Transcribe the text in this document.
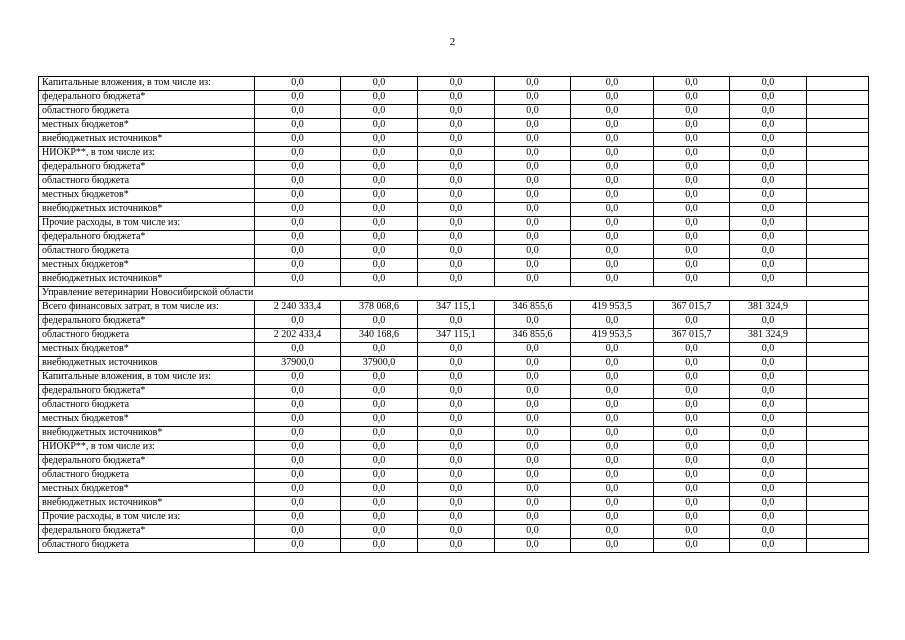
2
Капитальные вложения, в том числе из:	0,0	0,0	0,0	0,0	0,0	0,0	0,0	
федерального бюджета*	0,0	0,0	0,0	0,0	0,0	0,0	0,0	
областного бюджета	0,0	0,0	0,0	0,0	0,0	0,0	0,0	
местных бюджетов*	0,0	0,0	0,0	0,0	0,0	0,0	0,0	
внебюджетных источников*	0,0	0,0	0,0	0,0	0,0	0,0	0,0	
НИОКР**, в том числе из:	0,0	0,0	0,0	0,0	0,0	0,0	0,0	
федерального бюджета*	0,0	0,0	0,0	0,0	0,0	0,0	0,0	
областного бюджета	0,0	0,0	0,0	0,0	0,0	0,0	0,0	
местных бюджетов*	0,0	0,0	0,0	0,0	0,0	0,0	0,0	
внебюджетных источников*	0,0	0,0	0,0	0,0	0,0	0,0	0,0	
Прочие расходы, в том числе из:	0,0	0,0	0,0	0,0	0,0	0,0	0,0	
федерального бюджета*	0,0	0,0	0,0	0,0	0,0	0,0	0,0	
областного бюджета	0,0	0,0	0,0	0,0	0,0	0,0	0,0	
местных бюджетов*	0,0	0,0	0,0	0,0	0,0	0,0	0,0	
внебюджетных источников*	0,0	0,0	0,0	0,0	0,0	0,0	0,0	
Управление ветеринарии Новосибирской области								
Всего финансовых затрат, в том числе из:	2 240 333,4	378 068,6	347 115,1	346 855,6	419 953,5	367 015,7	381 324,9	
федерального бюджета*	0,0	0,0	0,0	0,0	0,0	0,0	0,0	
областного бюджета	2 202 433,4	340 168,6	347 115,1	346 855,6	419 953,5	367 015,7	381 324,9	
местных бюджетов*	0,0	0,0	0,0	0,0	0,0	0,0	0,0	
внебюджетных источников	37900,0	37900,0	0,0	0,0	0,0	0,0	0,0	
Капитальные вложения, в том числе из:	0,0	0,0	0,0	0,0	0,0	0,0	0,0	
федерального бюджета*	0,0	0,0	0,0	0,0	0,0	0,0	0,0	
областного бюджета	0,0	0,0	0,0	0,0	0,0	0,0	0,0	
местных бюджетов*	0,0	0,0	0,0	0,0	0,0	0,0	0,0	
внебюджетных источников*	0,0	0,0	0,0	0,0	0,0	0,0	0,0	
НИОКР**, в том числе из:	0,0	0,0	0,0	0,0	0,0	0,0	0,0	
федерального бюджета*	0,0	0,0	0,0	0,0	0,0	0,0	0,0	
областного бюджета	0,0	0,0	0,0	0,0	0,0	0,0	0,0	
местных бюджетов*	0,0	0,0	0,0	0,0	0,0	0,0	0,0	
внебюджетных источников*	0,0	0,0	0,0	0,0	0,0	0,0	0,0	
Прочие расходы, в том числе из:	0,0	0,0	0,0	0,0	0,0	0,0	0,0	
федерального бюджета*	0,0	0,0	0,0	0,0	0,0	0,0	0,0	
областного бюджета	0,0	0,0	0,0	0,0	0,0	0,0	0,0	
